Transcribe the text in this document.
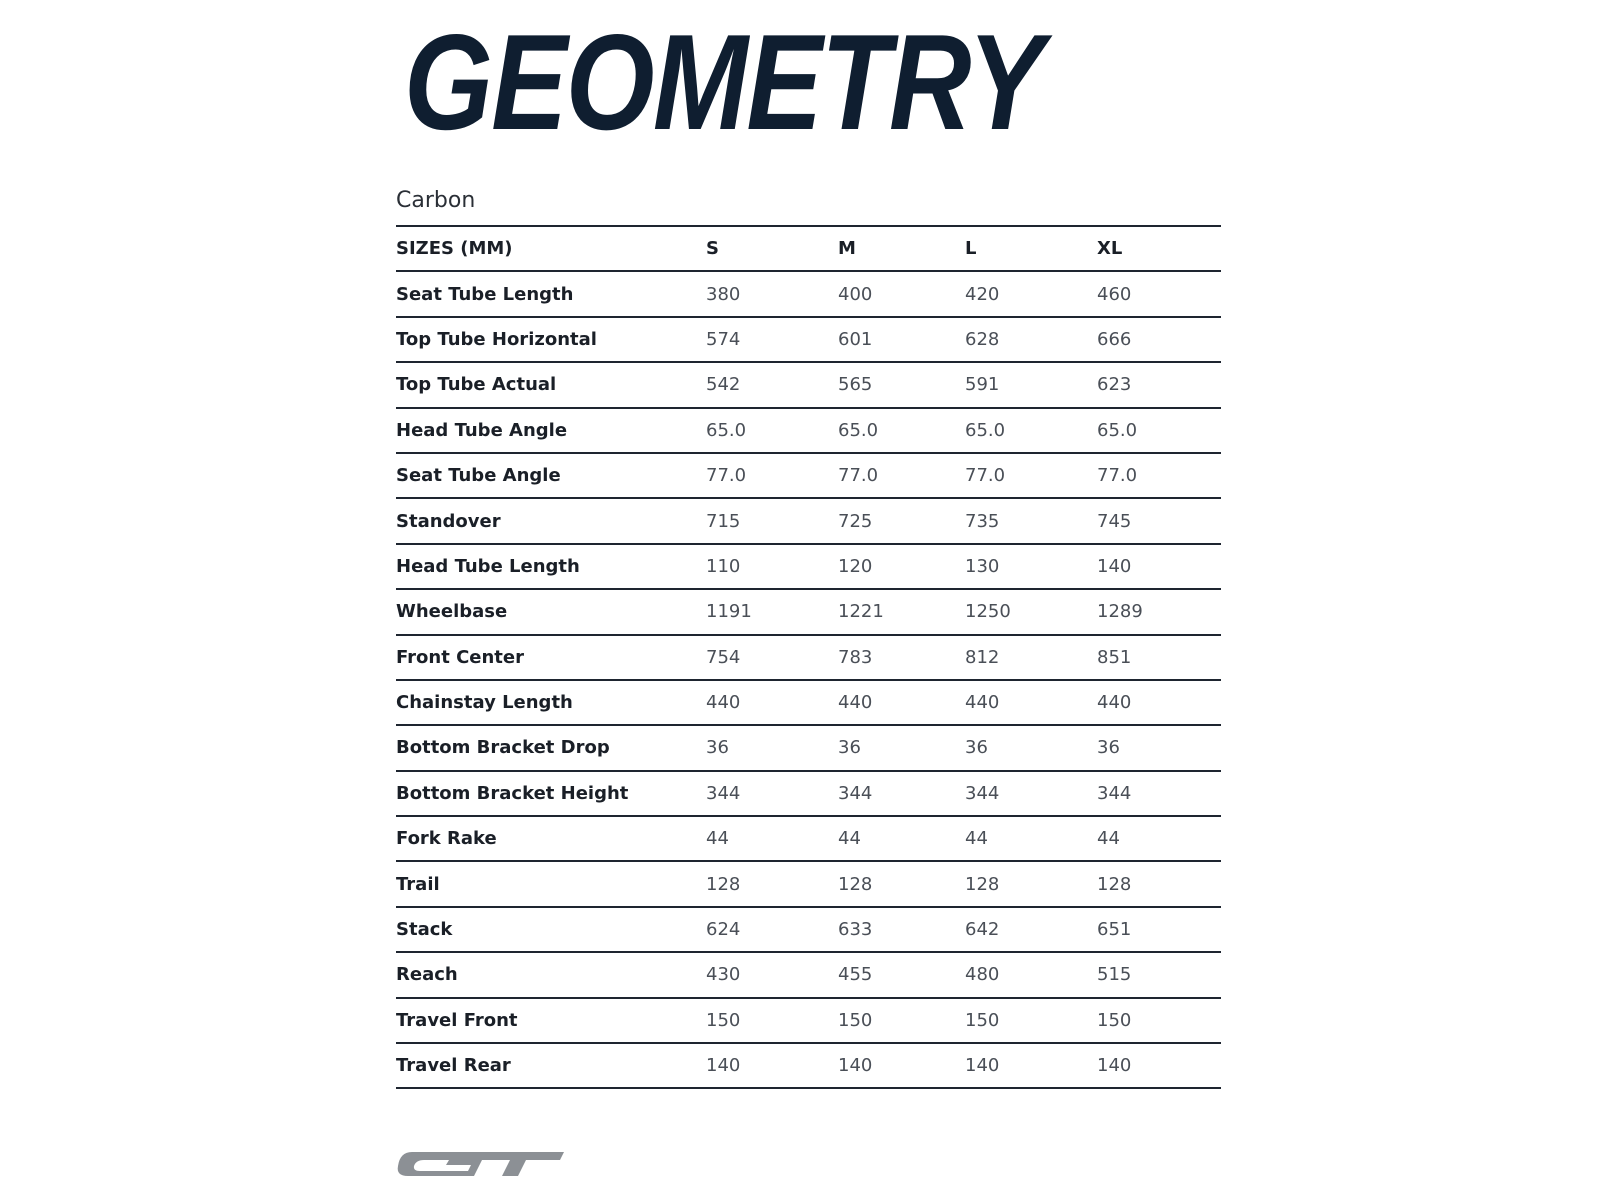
GEOMETRY
Carbon
SIZES (MM)	S	M	L	XL
Seat Tube Length	380	400	420	460
Top Tube Horizontal	574	601	628	666
Top Tube Actual	542	565	591	623
Head Tube Angle	65.0	65.0	65.0	65.0
Seat Tube Angle	77.0	77.0	77.0	77.0
Standover	715	725	735	745
Head Tube Length	110	120	130	140
Wheelbase	1191	1221	1250	1289
Front Center	754	783	812	851
Chainstay Length	440	440	440	440
Bottom Bracket Drop	36	36	36	36
Bottom Bracket Height	344	344	344	344
Fork Rake	44	44	44	44
Trail	128	128	128	128
Stack	624	633	642	651
Reach	430	455	480	515
Travel Front	150	150	150	150
Travel Rear	140	140	140	140
